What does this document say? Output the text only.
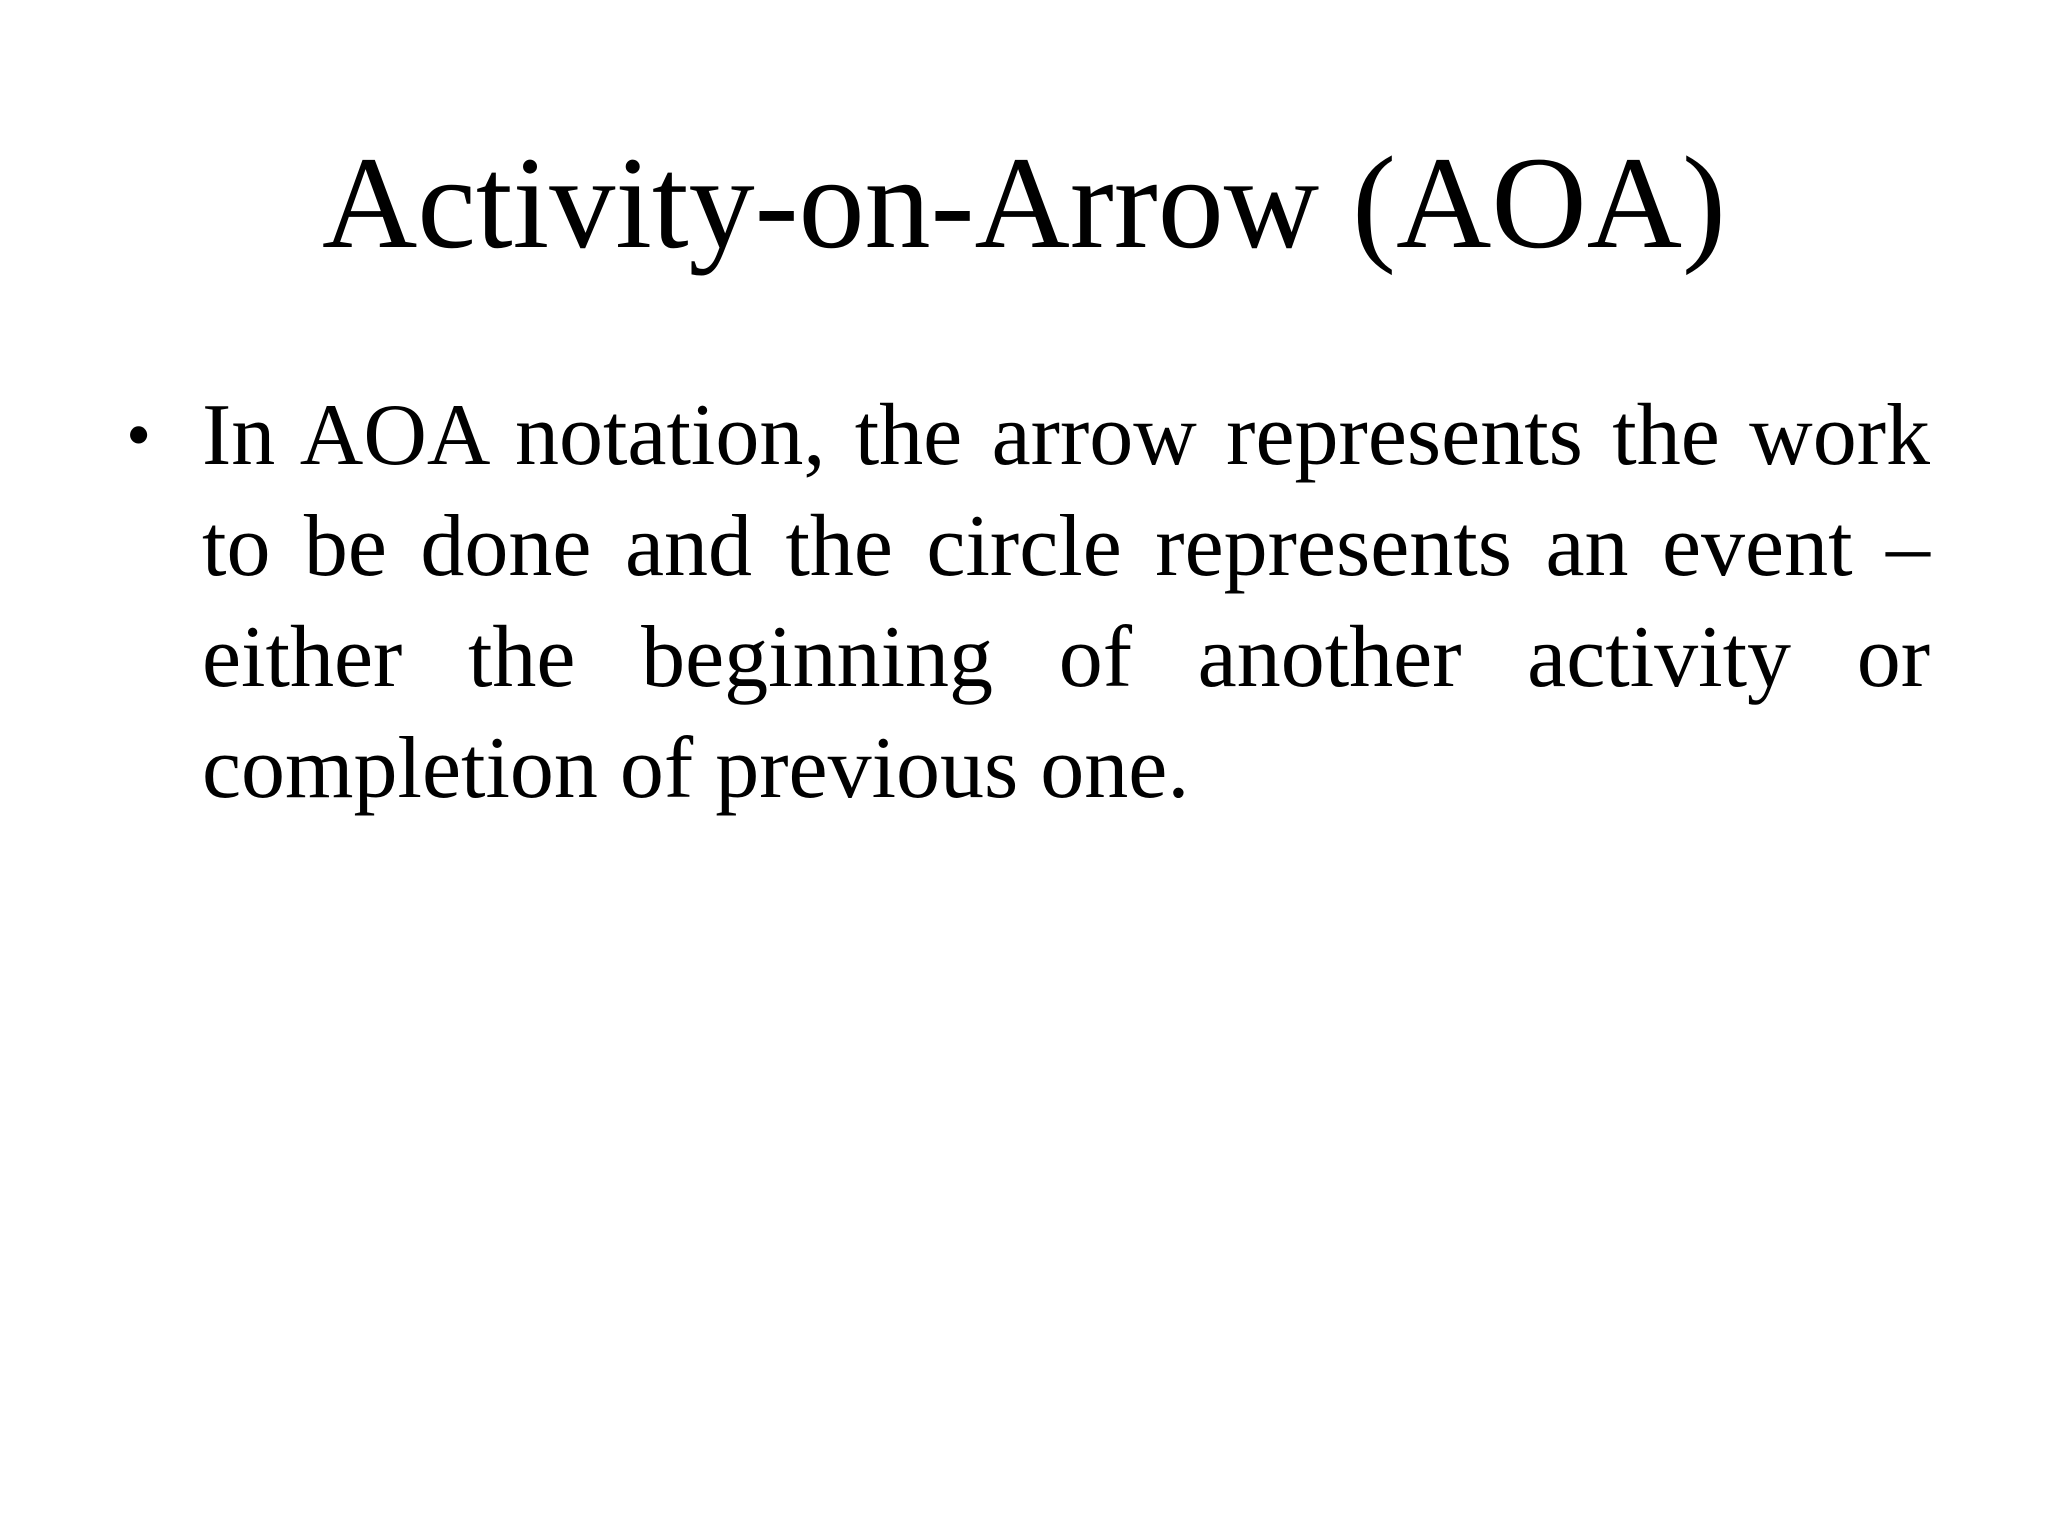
Activity-on-Arrow (AOA)
• In AOA notation, the arrow represents the work to be done and the circle represents an event – either the beginning of another activity or completion of previous one.
